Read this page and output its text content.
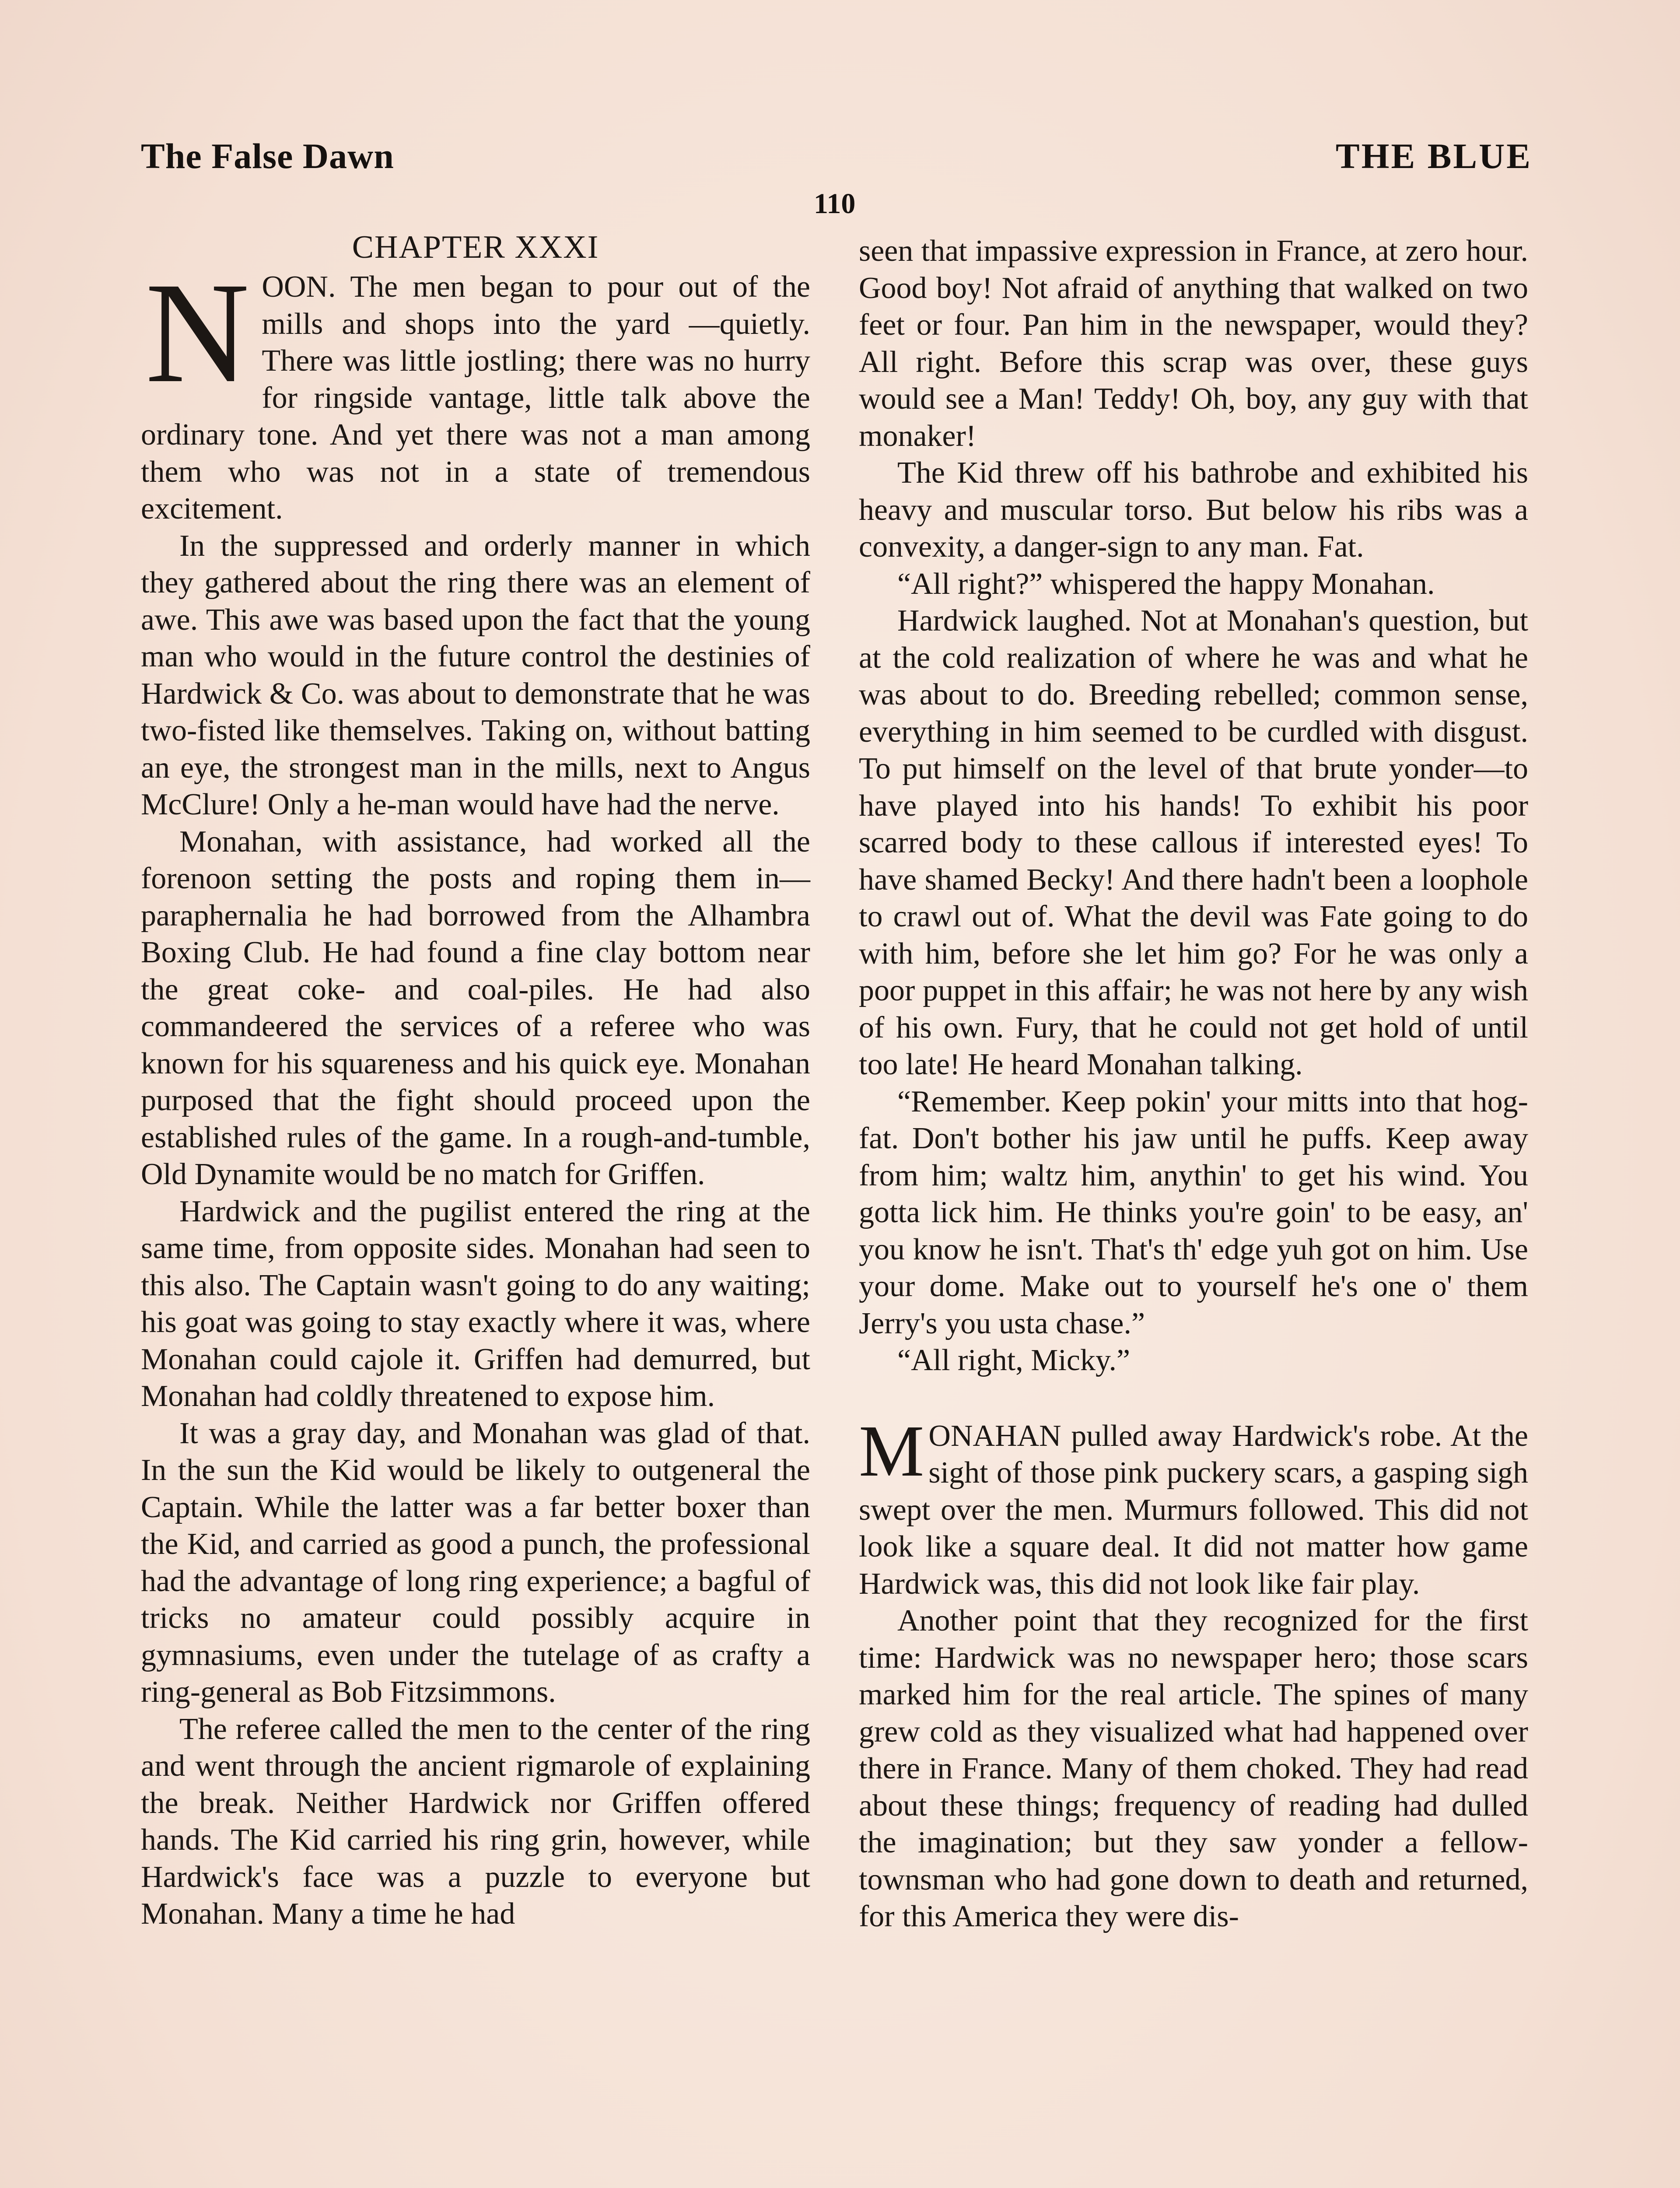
The False Dawn	THE BLUE
110
CHAPTER XXXI

NOON. The men began to pour out of the mills and shops into the yard —quietly. There was little jostling; there was no hurry for ringside vantage, little talk above the ordinary tone. And yet there was not a man among them who was not in a state of tremendous excitement.

In the suppressed and orderly manner in which they gathered about the ring there was an element of awe. This awe was based upon the fact that the young man who would in the future control the destinies of Hardwick & Co. was about to demonstrate that he was two-fisted like themselves. Taking on, without batting an eye, the strongest man in the mills, next to Angus McClure! Only a he-man would have had the nerve.

Monahan, with assistance, had worked all the forenoon setting the posts and roping them in—paraphernalia he had borrowed from the Alhambra Boxing Club. He had found a fine clay bottom near the great coke- and coal-piles. He had also commandeered the services of a referee who was known for his squareness and his quick eye. Monahan purposed that the fight should proceed upon the established rules of the game. In a rough-and-tumble, Old Dynamite would be no match for Griffen.

Hardwick and the pugilist entered the ring at the same time, from opposite sides. Monahan had seen to this also. The Captain wasn't going to do any waiting; his goat was going to stay exactly where it was, where Monahan could cajole it. Griffen had demurred, but Monahan had coldly threatened to expose him.

It was a gray day, and Monahan was glad of that. In the sun the Kid would be likely to outgeneral the Captain. While the latter was a far better boxer than the Kid, and carried as good a punch, the professional had the advantage of long ring experience; a bagful of tricks no amateur could possibly acquire in gymnasiums, even under the tutelage of as crafty a ring-general as Bob Fitzsimmons.

The referee called the men to the center of the ring and went through the ancient rigmarole of explaining the break. Neither Hardwick nor Griffen offered hands. The Kid carried his ring grin, however, while Hardwick's face was a puzzle to everyone but Monahan. Many a time he had

seen that impassive expression in France, at zero hour. Good boy! Not afraid of anything that walked on two feet or four. Pan him in the newspaper, would they? All right. Before this scrap was over, these guys would see a Man! Teddy! Oh, boy, any guy with that monaker!

The Kid threw off his bathrobe and exhibited his heavy and muscular torso. But below his ribs was a convexity, a danger-sign to any man. Fat.

“All right?” whispered the happy Monahan.

Hardwick laughed. Not at Monahan's question, but at the cold realization of where he was and what he was about to do. Breeding rebelled; common sense, everything in him seemed to be curdled with disgust. To put himself on the level of that brute yonder—to have played into his hands! To exhibit his poor scarred body to these callous if interested eyes! To have shamed Becky! And there hadn't been a loophole to crawl out of. What the devil was Fate going to do with him, before she let him go? For he was only a poor puppet in this affair; he was not here by any wish of his own. Fury, that he could not get hold of until too late! He heard Monahan talking.

“Remember. Keep pokin' your mitts into that hog-fat. Don't bother his jaw until he puffs. Keep away from him; waltz him, anythin' to get his wind. You gotta lick him. He thinks you're goin' to be easy, an' you know he isn't. That's th' edge yuh got on him. Use your dome. Make out to yourself he's one o' them Jerry's you usta chase.”

“All right, Micky.”

MONAHAN pulled away Hardwick's robe. At the sight of those pink puckery scars, a gasping sigh swept over the men. Murmurs followed. This did not look like a square deal. It did not matter how game Hardwick was, this did not look like fair play.

Another point that they recognized for the first time: Hardwick was no newspaper hero; those scars marked him for the real article. The spines of many grew cold as they visualized what had happened over there in France. Many of them choked. They had read about these things; frequency of reading had dulled the imagination; but they saw yonder a fellow-townsman who had gone down to death and returned, for this America they were dis-
